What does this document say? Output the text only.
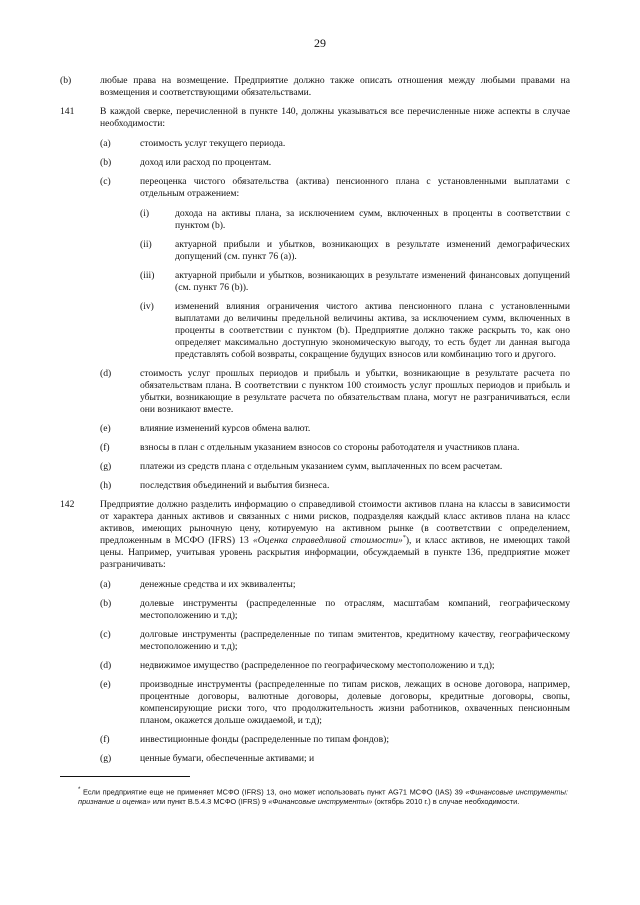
29
(b)	любые права на возмещение. Предприятие должно также описать отношения между любыми правами на возмещения и соответствующими обязательствами.
141	В каждой сверке, перечисленной в пункте 140, должны указываться все перечисленные ниже аспекты в случае необходимости:
(a)	стоимость услуг текущего периода.
(b)	доход или расход по процентам.
(c)	переоценка чистого обязательства (актива) пенсионного плана с установленными выплатами с отдельным отражением:
(i)	дохода на активы плана, за исключением сумм, включенных в проценты в соответствии с пунктом (b).
(ii) актуарной прибыли и убытков, возникающих в результате изменений демографических допущений (см. пункт 76 (a)).
(iii) актуарной прибыли и убытков, возникающих в результате изменений финансовых допущений (см. пункт 76 (b)).
(iv) изменений влияния ограничения чистого актива пенсионного плана с установленными выплатами до величины предельной величины актива, за исключением сумм, включенных в проценты в соответствии с пунктом (b). Предприятие должно также раскрыть то, как оно определяет максимально доступную экономическую выгоду, то есть будет ли данная выгода представлять собой возвраты, сокращение будущих взносов или комбинацию того и другого.
(d)	стоимость услуг прошлых периодов и прибыль и убытки, возникающие в результате расчета по обязательствам плана. В соответствии с пунктом 100 стоимость услуг прошлых периодов и прибыль и убытки, возникающие в результате расчета по обязательствам плана, могут не разграничиваться, если они возникают вместе.
(e)	влияние изменений курсов обмена валют.
(f)	взносы в план с отдельным указанием взносов со стороны работодателя и участников плана.
(g)	платежи из средств плана с отдельным указанием сумм, выплаченных по всем расчетам.
(h)	последствия объединений и выбытия бизнеса.
142	Предприятие должно разделить информацию о справедливой стоимости активов плана на классы в зависимости от характера данных активов и связанных с ними рисков, подразделяя каждый класс активов плана на класс активов, имеющих рыночную цену, котируемую на активном рынке (в соответствии с определением, предложенным в МСФО (IFRS) 13 «Оценка справедливой стоимости»*), и класс активов, не имеющих такой цены. Например, учитывая уровень раскрытия информации, обсуждаемый в пункте 136, предприятие может разграничивать:
(a)	денежные средства и их эквиваленты;
(b)	долевые инструменты (распределенные по отраслям, масштабам компаний, географическому местоположению и т.д);
(c)	долговые инструменты (распределенные по типам эмитентов, кредитному качеству, географическому местоположению и т.д);
(d)	недвижимое имущество (распределенное по географическому местоположению и т.д);
(e)	производные инструменты (распределенные по типам рисков, лежащих в основе договора, например, процентные договоры, валютные договоры, долевые договоры, кредитные договоры, свопы, компенсирующие риски того, что продолжительность жизни работников, охваченных пенсионным планом, окажется дольше ожидаемой, и т.д);
(f)	инвестиционные фонды (распределенные по типам фондов);
(g)	ценные бумаги, обеспеченные активами; и
* Если предприятие еще не применяет МСФО (IFRS) 13, оно может использовать пункт AG71 МСФО (IAS) 39 «Финансовые инструменты: признание и оценка» или пункт B.5.4.3 МСФО (IFRS) 9 «Финансовые инструменты» (октябрь 2010 г.) в случае необходимости.
